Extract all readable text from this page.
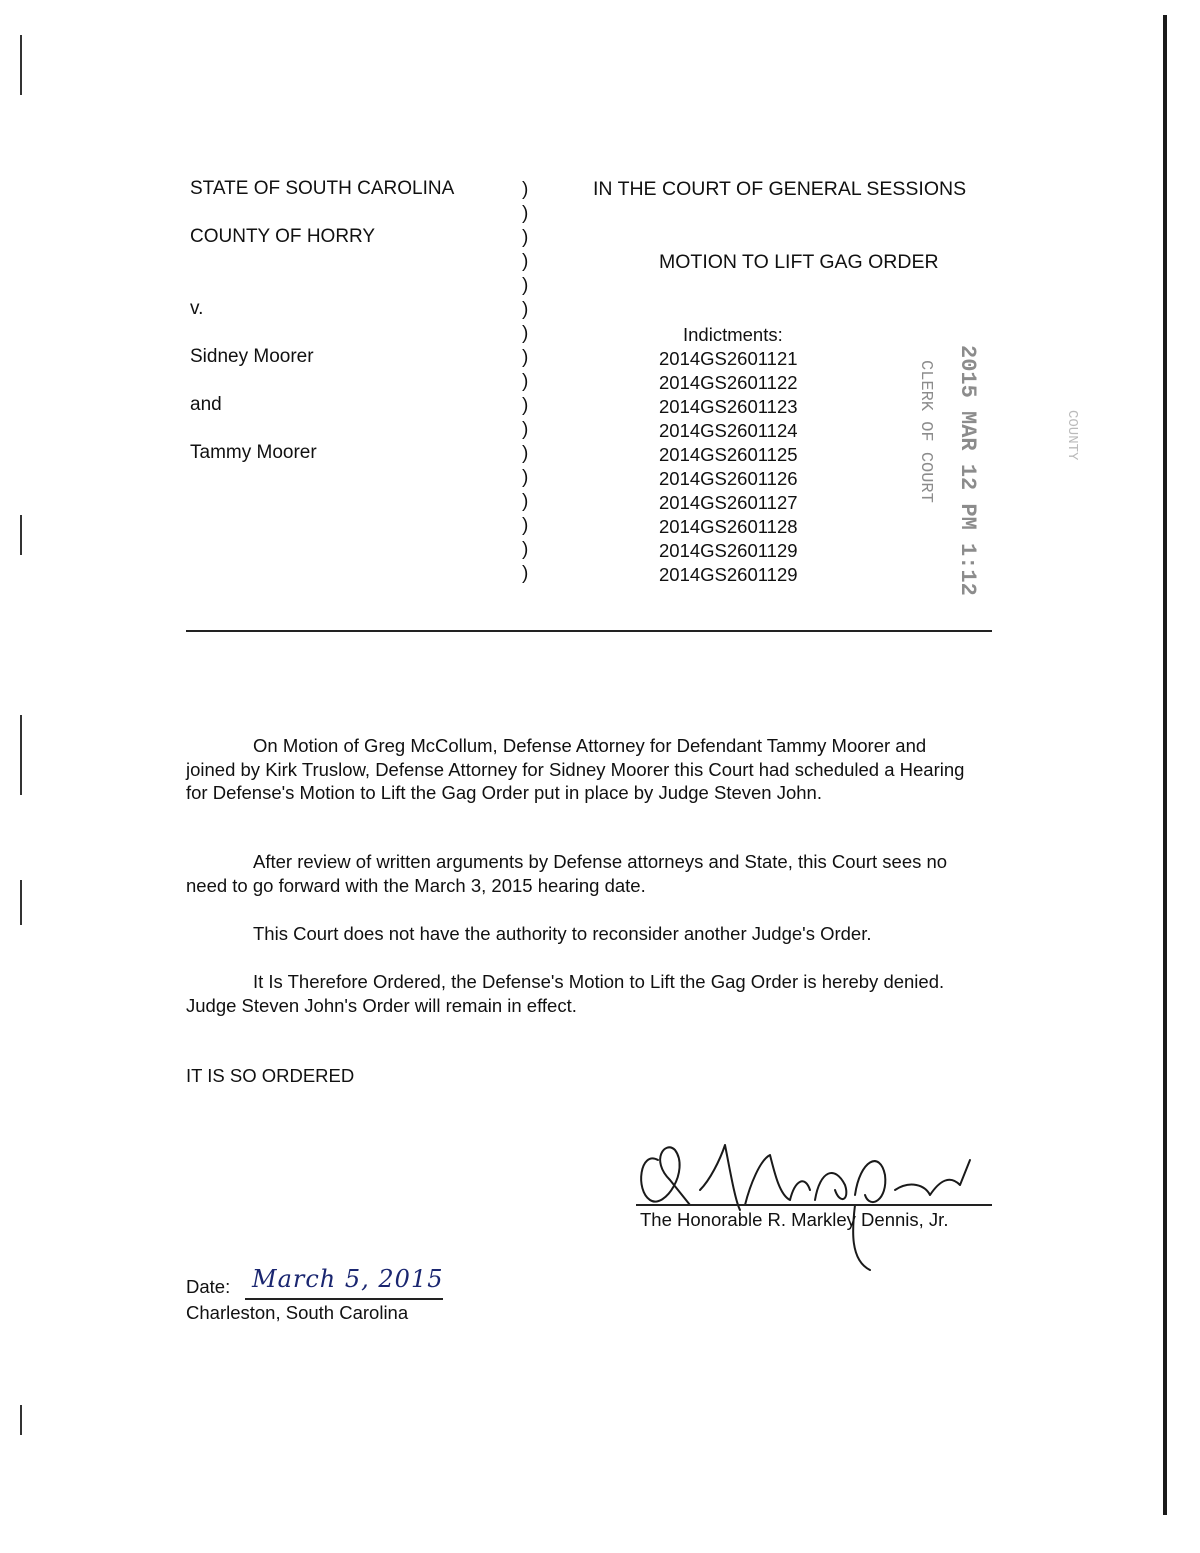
STATE OF SOUTH CAROLINA
COUNTY OF HORRY
v.
Sidney Moorer
and
Tammy Moorer
)
)
)
)
)
)
)
)
)
)
)
)
)
)
)
)
)
IN THE COURT OF GENERAL SESSIONS
MOTION TO LIFT GAG ORDER
Indictments:
2014GS2601121
2014GS2601122
2014GS2601123
2014GS2601124
2014GS2601125
2014GS2601126
2014GS2601127
2014GS2601128
2014GS2601129
2014GS2601129	2015 MAR 12 PM 1:12
CLERK OF COURT	COUNTY
On Motion of Greg McCollum, Defense Attorney for Defendant Tammy Moorer and joined by Kirk Truslow, Defense Attorney for Sidney Moorer this Court had scheduled a Hearing for Defense's Motion to Lift the Gag Order put in place by Judge Steven John.
After review of written arguments by Defense attorneys and State, this Court sees no need to go forward with the March 3, 2015 hearing date.
This Court does not have the authority to reconsider another Judge's Order.
It Is Therefore Ordered, the Defense's Motion to Lift the Gag Order is hereby denied. Judge Steven John's Order will remain in effect.
IT IS SO ORDERED
The Honorable R. Markley Dennis, Jr.
Date: March 5, 2015
Charleston, South Carolina
